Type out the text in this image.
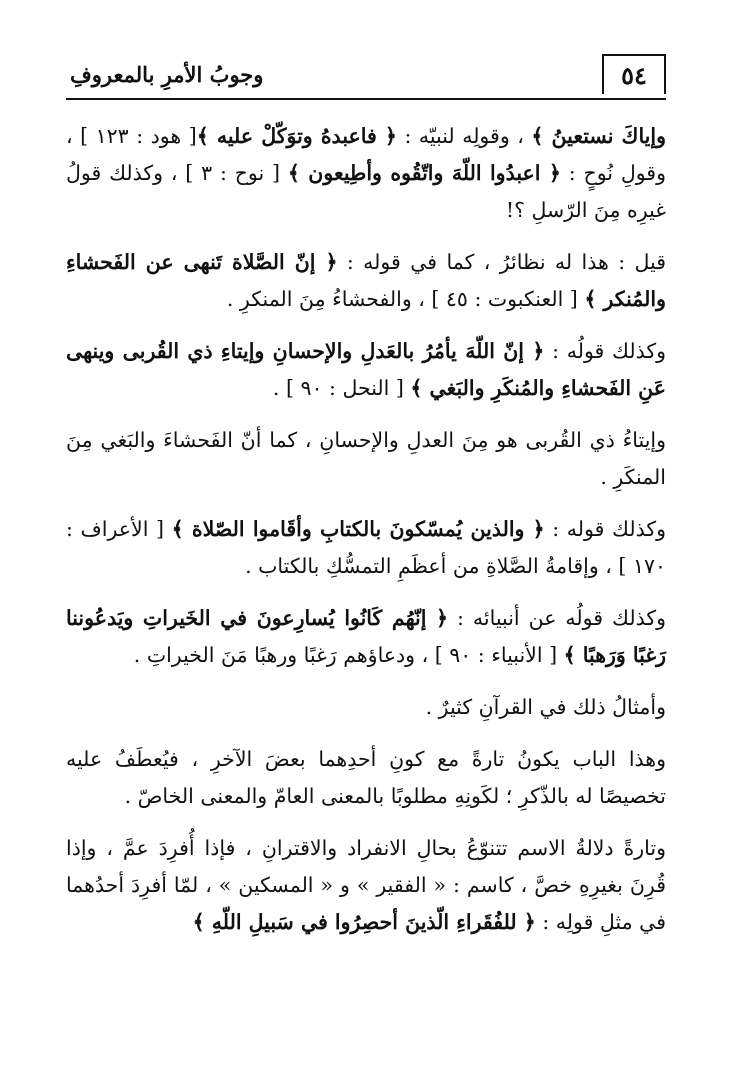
٥٤
وجوبُ الأمرِ بالمعروفِ

وإياكَ نستعينُ ﴾ ، وقولِه لنبيّه : ﴿ فاعبدهُ وتوَكّلْ عليه ﴾[ هود : ١٢٣ ] ، وقولِ نُوحٍ : ﴿ اعبدُوا اللّهَ واتّقُوه وأطِيعون ﴾ [ نوح : ٣ ] ، وكذلك قولُ غيرِه مِنَ الرّسلِ ؟!

قيل : هذا له نظائرُ ، كما في قوله : ﴿ إنّ الصَّلاة تَنهى عن الفَحشاءِ والمُنكر ﴾ [ العنكبوت : ٤٥ ] ، والفحشاءُ مِنَ المنكرِ .

وكذلك قولُه : ﴿ إنّ اللّهَ يأمُرُ بالعَدلِ والإحسانِ وإيتاءِ ذي القُربى وينهى عَنِ الفَحشاءِ والمُنكَرِ والبَغي ﴾ [ النحل : ٩٠ ] .

وإيتاءُ ذي القُربى هو مِنَ العدلِ والإحسانِ ، كما أنّ الفَحشاءَ والبَغي مِنَ المنكَرِ .

وكذلك قوله : ﴿ والذين يُمسّكونَ بالكتابِ وأقَاموا الصّلاة ﴾ [ الأعراف : ١٧٠ ] ، وإقامةُ الصَّلاةِ من أعظَمِ التمسُّكِ بالكتاب .

وكذلك قولُه عن أنبيائه : ﴿ إنّهُم كَانُوا يُسارِعونَ في الخَيراتِ ويَدعُوننا رَغبًا وَرَهبًا ﴾ [ الأنبياء : ٩٠ ] ، ودعاؤهم رَغبًا ورهبًا مَنَ الخيراتِ .

وأمثالُ ذلك في القرآنِ كثيرٌ .

وهذا الباب يكونُ تارةً مع كونِ أحدِهما بعضَ الآخرِ ، فيُعطَفُ عليه تخصيصًا له بالذّكرِ ؛ لكَونِهِ مطلوبًا بالمعنى العامّ والمعنى الخاصّ .

وتارةً دلالةُ الاسم تتنوّعُ بحالِ الانفراد والاقترانِ ، فإذا أُفرِدَ عمَّ ، وإذا قُرِنَ بغيرِهِ خصَّ ، كاسم : « الفقير » و « المسكين » ، لمّا أفرِدَ أحدُهما في مثلِ قولِه : ﴿ للفُقَراءِ الّذينَ أحصِرُوا في سَبيلِ اللّهِ ﴾
